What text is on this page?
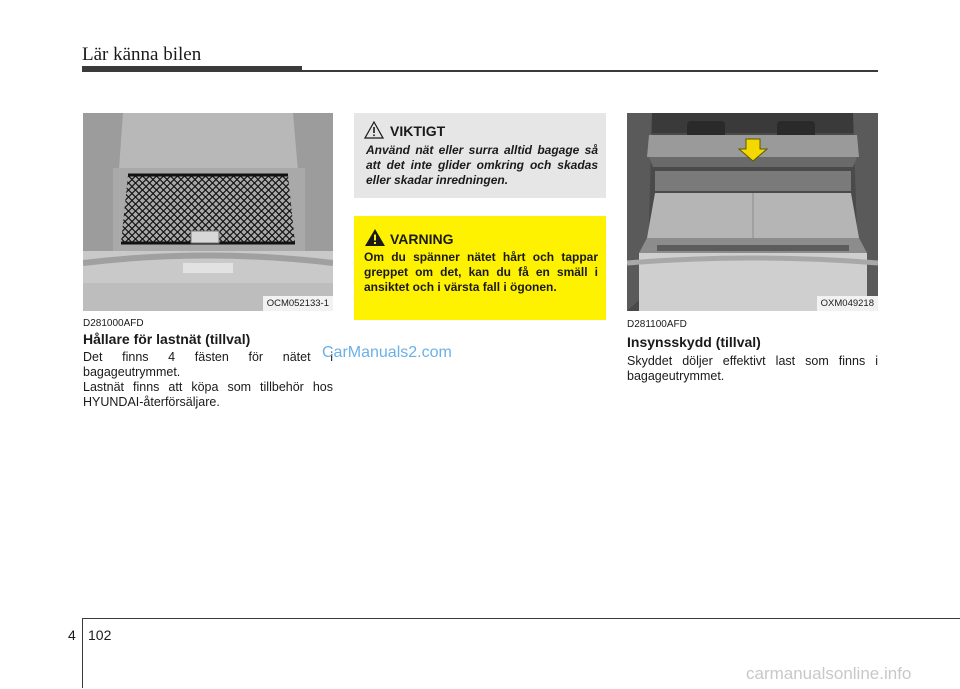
Lär känna bilen
OCM052133-1
D281000AFD
Hållare för lastnät (tillval)
Det finns 4 fästen för nätet i bagageutrymmet.
Lastnät finns att köpa som tillbehör hos HYUNDAI-återförsäljare.
VIKTIGT
Använd nät eller surra alltid bagage så att det inte glider omkring och skadas eller skadar inredningen.
VARNING
Om du spänner nätet hårt och tappar greppet om det, kan du få en smäll i ansiktet och i värsta fall i ögonen.
CarManuals2.com
OXM049218
D281100AFD
Insynsskydd (tillval)
Skyddet döljer effektivt last som finns i bagageutrymmet.
4 102
carmanualsonline.info
